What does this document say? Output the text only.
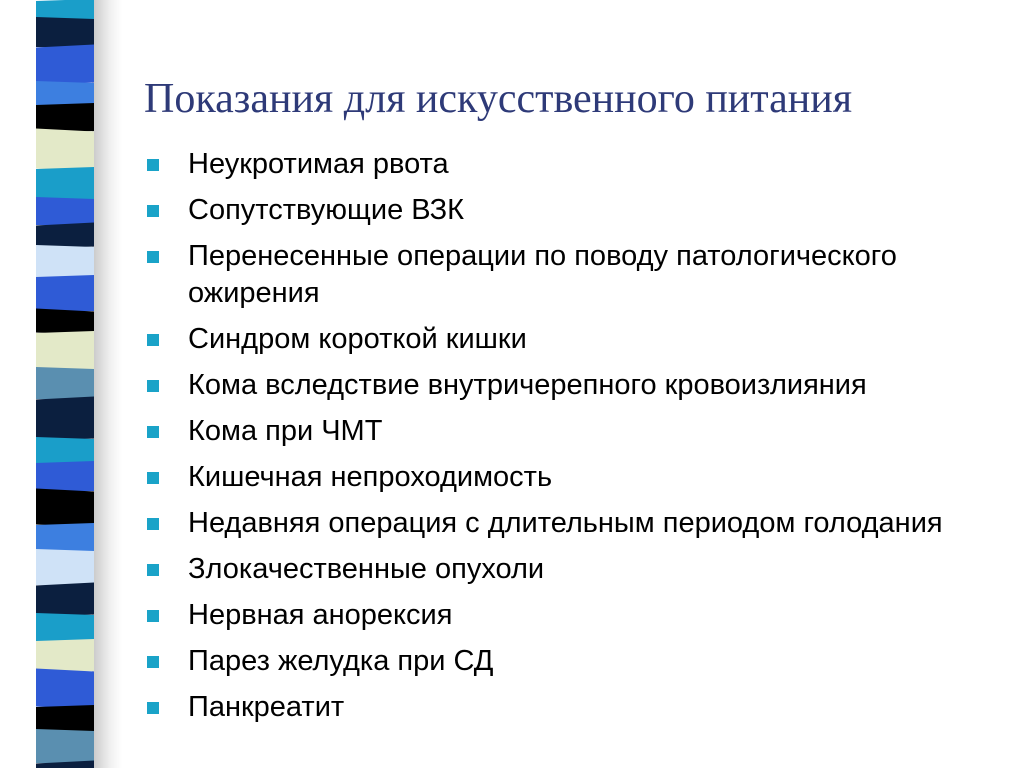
Показания для искусственного питания
Неукротимая рвота
Сопутствующие ВЗК
Перенесенные операции по поводу патологического ожирения
Синдром короткой кишки
Кома вследствие внутричерепного кровоизлияния
Кома при ЧМТ
Кишечная непроходимость
Недавняя операция с длительным периодом голодания
Злокачественные опухоли
Нервная анорексия
Парез желудка при СД
Панкреатит
